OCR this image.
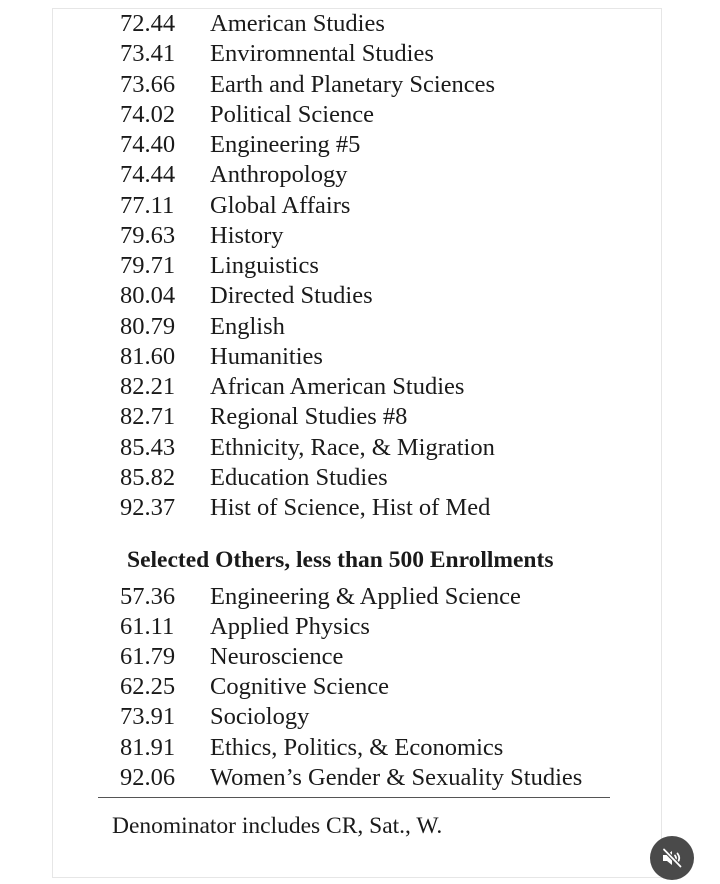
72.44	American Studies
73.41	Enviromnental Studies
73.66	Earth and Planetary Sciences
74.02	Political Science
74.40	Engineering #5
74.44	Anthropology
77.11	Global Affairs
79.63	History
79.71	Linguistics
80.04	Directed Studies
80.79	English
81.60	Humanities
82.21	African American Studies
82.71	Regional Studies #8
85.43	Ethnicity, Race, & Migration
85.82	Education Studies
92.37	Hist of Science, Hist of Med
Selected Others, less than 500 Enrollments
57.36	Engineering & Applied Science
61.11	Applied Physics
61.79	Neuroscience
62.25	Cognitive Science
73.91	Sociology
81.91	Ethics, Politics, & Economics
92.06	Women’s Gender & Sexuality Studies
Denominator includes CR, Sat., W.
